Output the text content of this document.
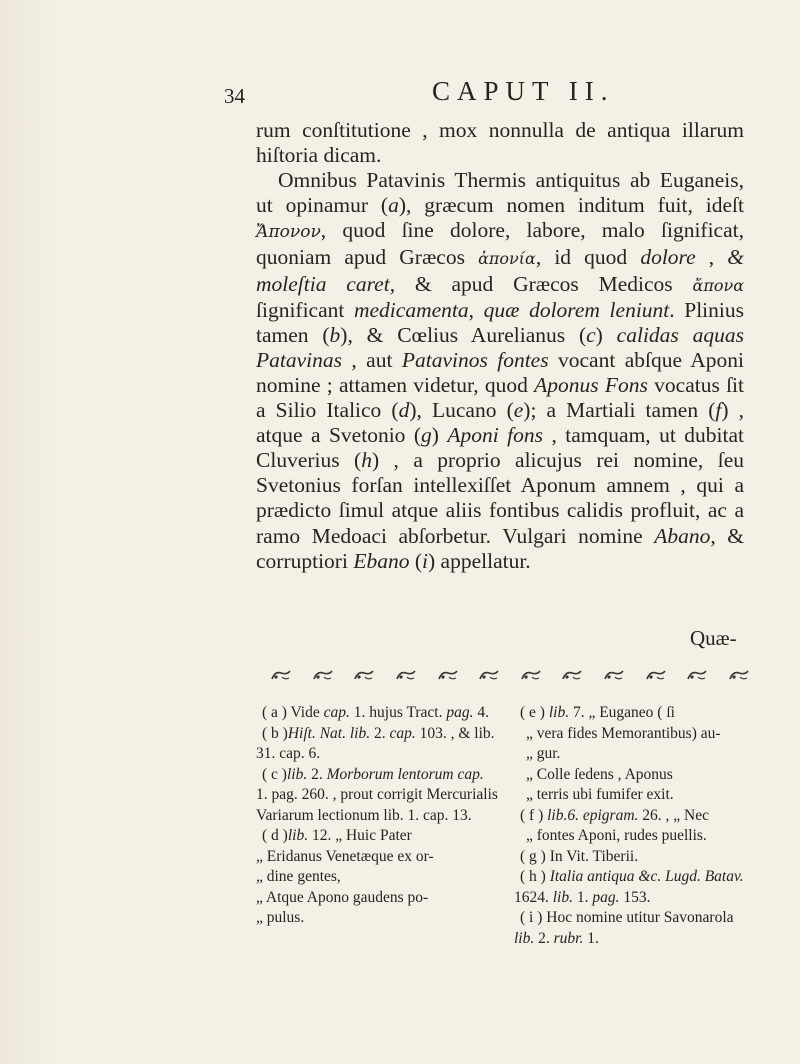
34	CAPUT II.

rum conſtitutione , mox nonnulla de antiqua illarum

hiſtoria dicam.

Omnibus Patavinis Thermis antiquitus ab Euganeis, ut opinamur (a), græcum nomen inditum fuit, ideſt Ἄπονον, quod ſine dolore, labore, malo ſignificat, quoniam apud Græcos ἀπονία, id quod dolore , & moleſtia caret, & apud Græcos Medicos ἄπονα ſignificant medicamenta, quæ dolorem leniunt. Plinius tamen (b), & Cœlius Aurelianus (c) calidas aquas Patavinas , aut Patavinos fontes vocant abſque Aponi nomine ; attamen videtur, quod Aponus Fons vocatus ſit a Silio Italico (d), Lucano (e); a Martiali tamen (f) , atque a Svetonio (g) Aponi fons , tamquam, ut dubitat Cluverius (h) , a proprio alicujus rei nomine, ſeu Svetonius forſan intellexiſſet Aponum amnem , qui a prædicto ſimul atque aliis fontibus calidis profluit, ac a ramo Medoaci abſorbetur. Vulgari nomine Abano, & corruptiori Ebano (i) appellatur.

Quæ-

( a ) Vide cap. 1. hujus Tract. pag. 4.

( b )Hiſt. Nat. lib. 2. cap. 103. , & lib. 31. cap. 6.

( c )lib. 2. Morborum lentorum cap. 1. pag. 260. , prout corrigit Mercurialis Variarum lectionum lib. 1. cap. 13.

( d )lib. 12. „ Huic Pater

„ Eridanus Venetæque ex or-

„ dine gentes,

„ Atque Apono gaudens po-

„ pulus.

( e ) lib. 7. „ Euganeo ( ſi

„ vera fides Memorantibus) au-

„ gur.

„ Colle ſedens , Aponus

„ terris ubi fumifer exit.

( f ) lib.6. epigram. 26. , „ Nec

„ fontes Aponi, rudes puellis.

( g ) In Vit. Tiberii.

( h ) Italia antiqua &c. Lugd. Batav. 1624. lib. 1. pag. 153.

( i ) Hoc nomine utitur Savonarola lib. 2. rubr. 1.
